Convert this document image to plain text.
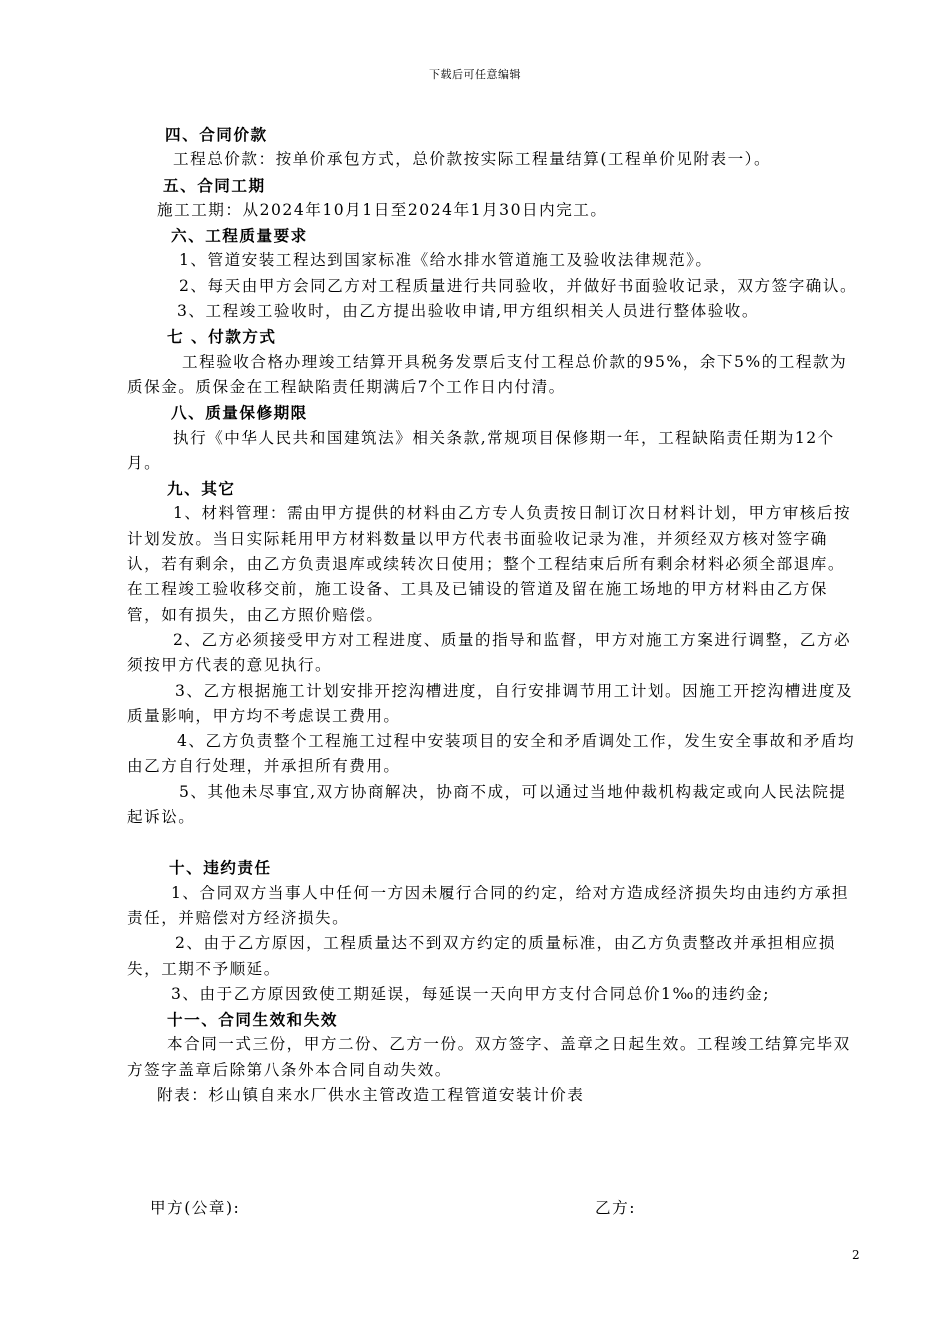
下载后可任意编辑

四、合同价款

工程总价款：按单价承包方式，总价款按实际工程量结算(工程单价见附表一）。

五、合同工期

施工工期：从2024年10月1日至2024年1月30日内完工。

六、工程质量要求

1、管道安装工程达到国家标准《给水排水管道施工及验收法律规范》。

2、每天由甲方会同乙方对工程质量进行共同验收，并做好书面验收记录，双方签字确认。

3、工程竣工验收时，由乙方提出验收申请,甲方组织相关人员进行整体验收。

七 、付款方式

工程验收合格办理竣工结算开具税务发票后支付工程总价款的95%，余下5%的工程款为质保金。质保金在工程缺陷责任期满后7个工作日内付清。

八、质量保修期限

执行《中华人民共和国建筑法》相关条款,常规项目保修期一年，工程缺陷责任期为12个月。

九、其它

1、材料管理：需由甲方提供的材料由乙方专人负责按日制订次日材料计划，甲方审核后按计划发放。当日实际耗用甲方材料数量以甲方代表书面验收记录为准，并须经双方核对签字确认，若有剩余，由乙方负责退库或续转次日使用；整个工程结束后所有剩余材料必须全部退库。在工程竣工验收移交前，施工设备、工具及已铺设的管道及留在施工场地的甲方材料由乙方保管，如有损失，由乙方照价赔偿。

2、乙方必须接受甲方对工程进度、质量的指导和监督，甲方对施工方案进行调整，乙方必须按甲方代表的意见执行。

3、乙方根据施工计划安排开挖沟槽进度，自行安排调节用工计划。因施工开挖沟槽进度及质量影响，甲方均不考虑误工费用。

4、乙方负责整个工程施工过程中安装项目的安全和矛盾调处工作，发生安全事故和矛盾均由乙方自行处理，并承担所有费用。

5、其他未尽事宜,双方协商解决，协商不成，可以通过当地仲裁机构裁定或向人民法院提起诉讼。

十、违约责任

1、合同双方当事人中任何一方因未履行合同的约定，给对方造成经济损失均由违约方承担责任，并赔偿对方经济损失。

2、由于乙方原因，工程质量达不到双方约定的质量标准，由乙方负责整改并承担相应损失，工期不予顺延。

3、由于乙方原因致使工期延误，每延误一天向甲方支付合同总价1‰的违约金;

十一、合同生效和失效

本合同一式三份，甲方二份、乙方一份。双方签字、盖章之日起生效。工程竣工结算完毕双方签字盖章后除第八条外本合同自动失效。

附表：杉山镇自来水厂供水主管改造工程管道安装计价表

甲方(公章):	乙方:
2
